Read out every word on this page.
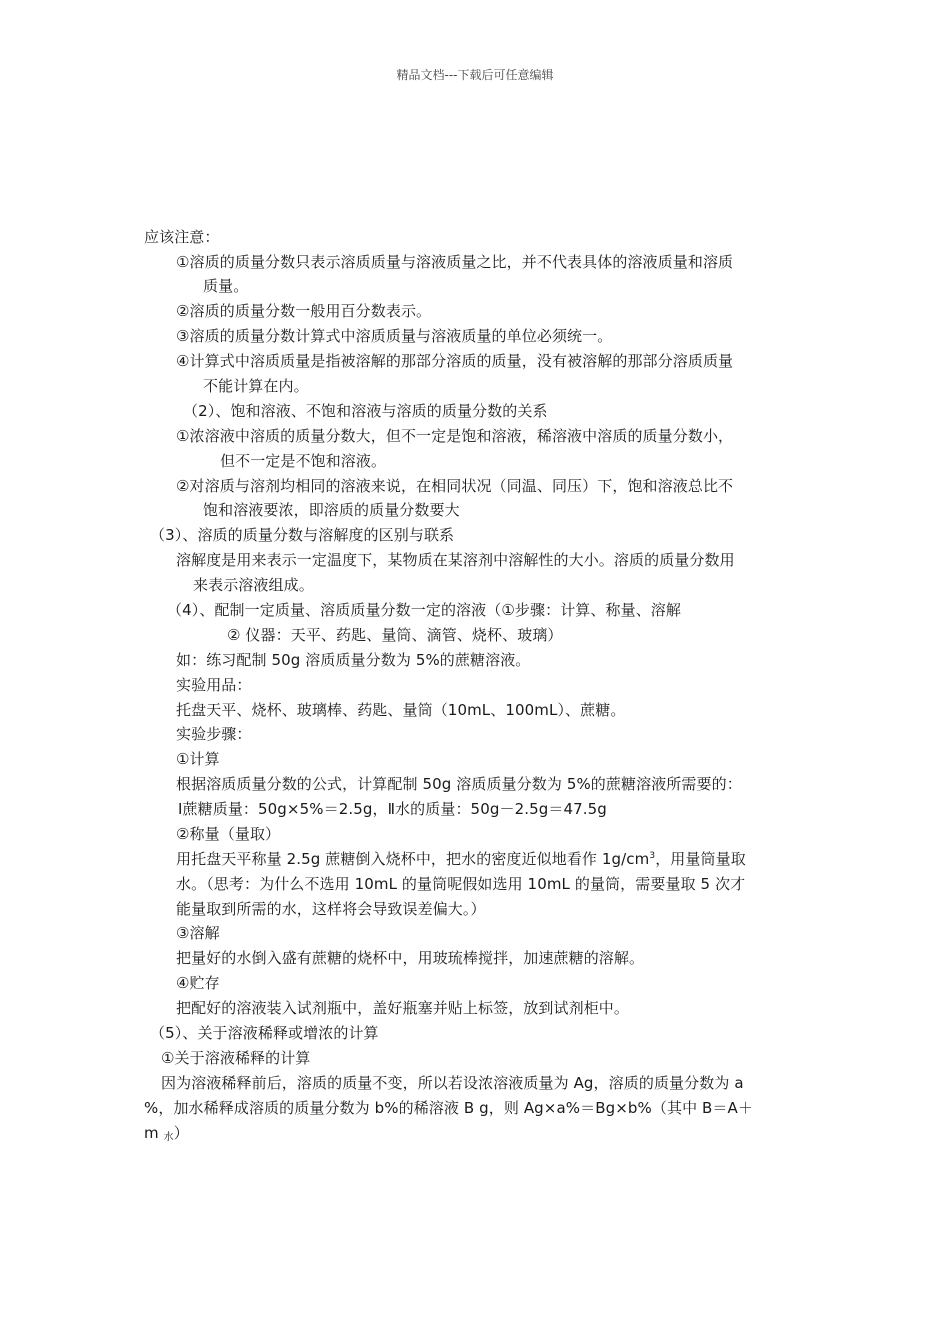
精品文档---下载后可任意编辑
应该注意：
①溶质的质量分数只表示溶质质量与溶液质量之比，并不代表具体的溶液质量和溶质
质量。
②溶质的质量分数一般用百分数表示。
③溶质的质量分数计算式中溶质质量与溶液质量的单位必须统一。
④计算式中溶质质量是指被溶解的那部分溶质的质量，没有被溶解的那部分溶质质量
不能计算在内。
（2）、饱和溶液、不饱和溶液与溶质的质量分数的关系
①浓溶液中溶质的质量分数大，但不一定是饱和溶液，稀溶液中溶质的质量分数小，
但不一定是不饱和溶液。
②对溶质与溶剂均相同的溶液来说，在相同状况（同温、同压）下，饱和溶液总比不
饱和溶液要浓，即溶质的质量分数要大
（3）、溶质的质量分数与溶解度的区别与联系
溶解度是用来表示一定温度下，某物质在某溶剂中溶解性的大小。溶质的质量分数用
来表示溶液组成。
（4）、配制一定质量、溶质质量分数一定的溶液（①步骤：计算、称量、溶解
② 仪器：天平、药匙、量筒、滴管、烧杯、玻璃）
如：练习配制 50g 溶质质量分数为 5%的蔗糖溶液。
实验用品：
托盘天平、烧杯、玻璃棒、药匙、量筒（10mL、100mL）、蔗糖。
实验步骤：
①计算
根据溶质质量分数的公式，计算配制 50g 溶质质量分数为 5%的蔗糖溶液所需要的：
Ⅰ蔗糖质量：50g×5%＝2.5g，Ⅱ水的质量：50g－2.5g＝47.5g
②称量（量取）
用托盘天平称量 2.5g 蔗糖倒入烧杯中，把水的密度近似地看作 $1g/cm^3$，用量筒量取
水。（思考：为什么不选用 10mL 的量筒呢假如选用 10mL 的量筒，需要量取 5 次才
能量取到所需的水，这样将会导致误差偏大。）
③溶解
把量好的水倒入盛有蔗糖的烧杯中，用玻琉棒搅拌，加速蔗糖的溶解。
④贮存
把配好的溶液装入试剂瓶中，盖好瓶塞并贴上标签，放到试剂柜中。
（5）、关于溶液稀释或增浓的计算
①关于溶液稀释的计算
因为溶液稀释前后，溶质的质量不变，所以若设浓溶液质量为 Ag，溶质的质量分数为 a
%，加水稀释成溶质的质量分数为 b%的稀溶液 B g，则 Ag×a%＝Bg×b%（其中 B＝A＋
m $_水$）
